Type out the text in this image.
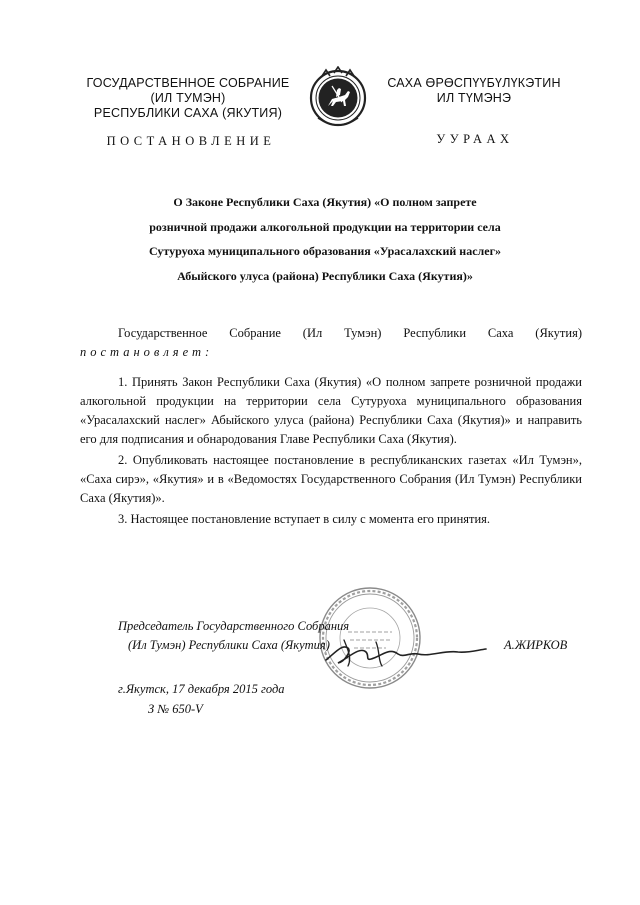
ГОСУДАРСТВЕННОЕ СОБРАНИЕ
(ИЛ ТУМЭН)
РЕСПУБЛИКИ САХА (ЯКУТИЯ)
САХА ӨРӨСПҮҮБҮЛҮКЭТИН
ИЛ ТҮМЭНЭ
ПОСТАНОВЛЕНИЕ	УУРААХ
О Законе Республики Саха (Якутия) «О полном запрете
розничной продажи алкогольной продукции на территории села
Сутуруоха муниципального образования «Урасалахский наслег»
Абыйского улуса (района) Республики Саха (Якутия)»

Государственное Собрание (Ил Тумэн) Республики Саха (Якутия)

постановляет:

1. Принять Закон Республики Саха (Якутия) «О полном запрете розничной продажи алкогольной продукции на территории села Сутуруоха муниципального образования «Урасалахский наслег» Абыйского улуса (района) Республики Саха (Якутия)» и направить его для подписания и обнародования Главе Республики Саха (Якутия).

2. Опубликовать настоящее постановление в республиканских газетах «Ил Тумэн», «Саха сирэ», «Якутия» и в «Ведомостях Государственного Собрания (Ил Тумэн) Республики Саха (Якутия)».

3. Настоящее постановление вступает в силу с момента его принятия.

Председатель Государственного Собрания
(Ил Тумэн) Республики Саха (Якутия)	А.ЖИРКОВ
г.Якутск, 17 декабря 2015 года
З № 650-V
